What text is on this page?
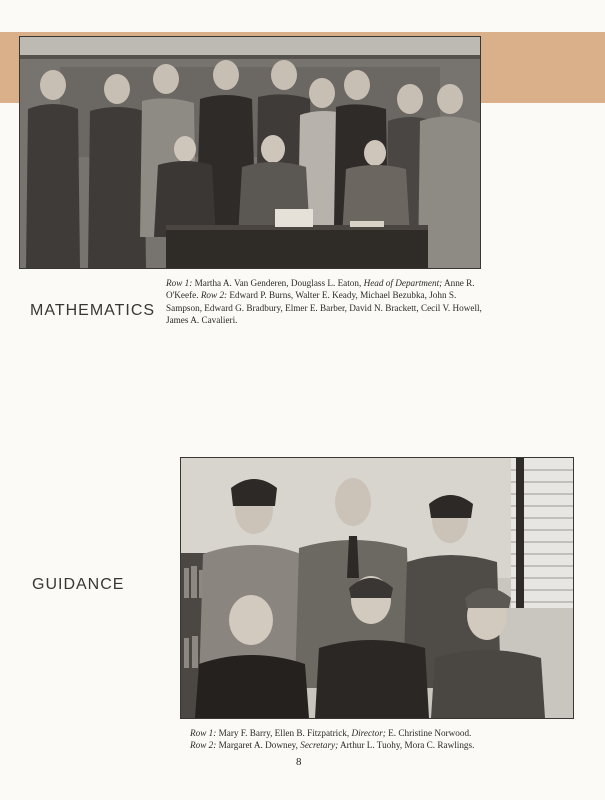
MATHEMATICS

Row 1: Martha A. Van Genderen, Douglass L. Eaton, Head of Department; Anne R. O'Keefe. Row 2: Edward P. Burns, Walter E. Keady, Michael Bezubka, John S. Sampson, Edward G. Bradbury, Elmer E. Barber, David N. Brackett, Cecil V. Howell, James A. Cavalieri.

GUIDANCE

Row 1: Mary F. Barry, Ellen B. Fitzpatrick, Director; E. Christine Norwood.
Row 2: Margaret A. Downey, Secretary; Arthur L. Tuohy, Mora C. Rawlings.

8
